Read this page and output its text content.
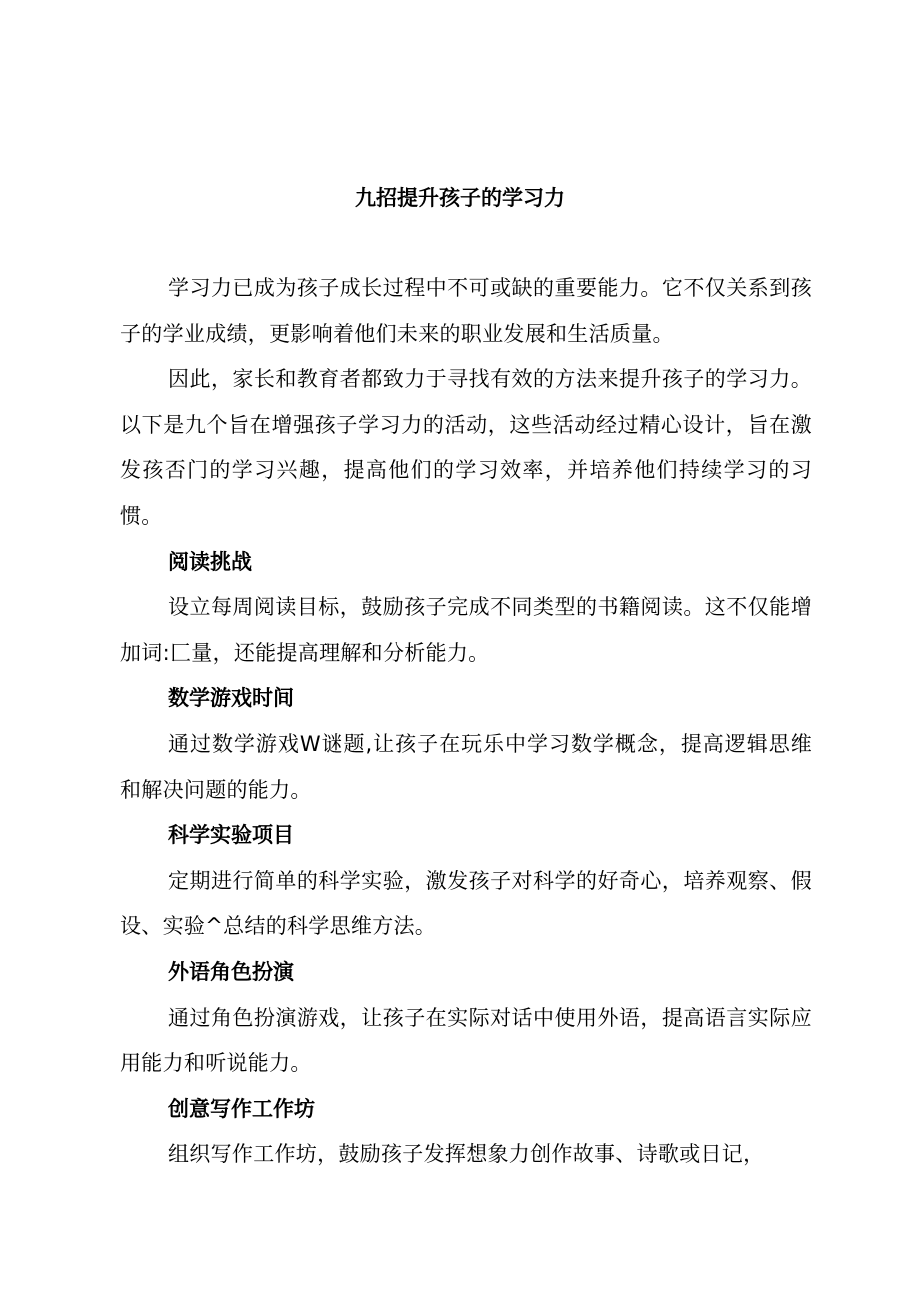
九招提升孩子的学习力

学习力已成为孩子成长过程中不可或缺的重要能力。它不仅关系到孩子的学业成绩，更影响着他们未来的职业发展和生活质量。

因此，家长和教育者都致力于寻找有效的方法来提升孩子的学习力。以下是九个旨在增强孩子学习力的活动，这些活动经过精心设计，旨在激发孩否门的学习兴趣，提高他们的学习效率，并培养他们持续学习的习惯。

阅读挑战

设立每周阅读目标，鼓励孩子完成不同类型的书籍阅读。这不仅能增加词:匚量，还能提高理解和分析能力。

数学游戏时间

通过数学游戏W谜题,让孩子在玩乐中学习数学概念，提高逻辑思维和解决问题的能力。

科学实验项目

定期进行简单的科学实验，激发孩子对科学的好奇心，培养观察、假设、实验^总结的科学思维方法。

外语角色扮演

通过角色扮演游戏，让孩子在实际对话中使用外语，提高语言实际应用能力和听说能力。

创意写作工作坊

组织写作工作坊，鼓励孩子发挥想象力创作故事、诗歌或日记，
